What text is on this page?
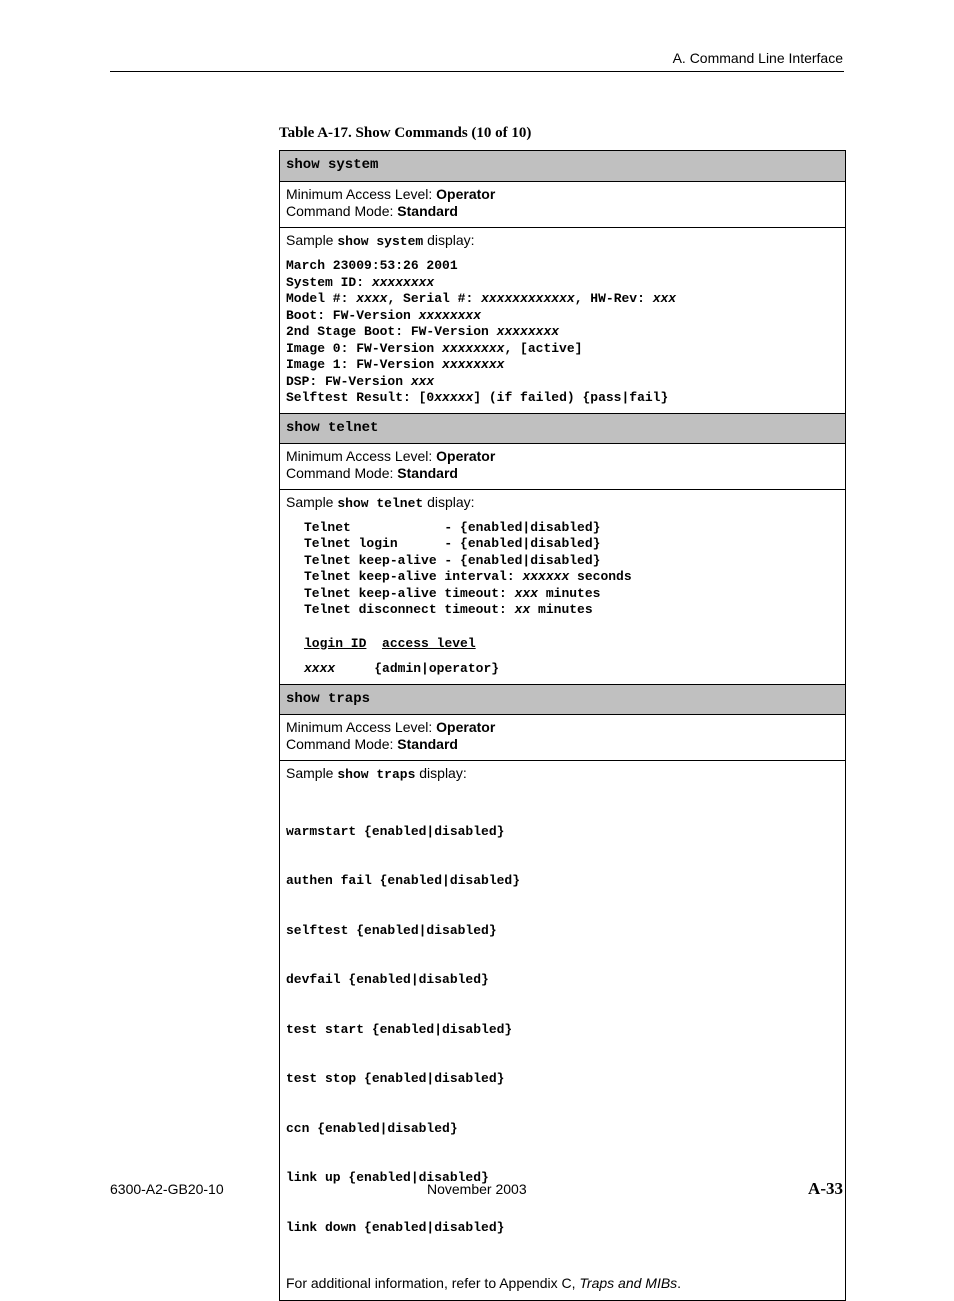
A. Command Line Interface
Table A-17. Show Commands (10 of 10)
show system
Minimum Access Level: Operator
Command Mode: Standard
Sample show system display:
March 23009:53:26 2001
System ID: xxxxxxxx
Model #: xxxx, Serial #: xxxxxxxxxxxx, HW-Rev: xxx
Boot: FW-Version xxxxxxxx
2nd Stage Boot: FW-Version xxxxxxxx
Image 0: FW-Version xxxxxxxx, [active]
Image 1: FW-Version xxxxxxxx
DSP: FW-Version xxx
Selftest Result: [0xxxxx] (if failed) {pass|fail}
show telnet
Minimum Access Level: Operator
Command Mode: Standard
Sample show telnet display:
Telnet            - {enabled|disabled}
Telnet login      - {enabled|disabled}
Telnet keep-alive - {enabled|disabled}
Telnet keep-alive interval: xxxxxx seconds
Telnet keep-alive timeout: xxx minutes
Telnet disconnect timeout: xx minutes
login ID access level
xxxx	{admin|operator}
show traps
Minimum Access Level: Operator
Command Mode: Standard
Sample show traps display:

warmstart {enabled|disabled}

authen fail {enabled|disabled}

selftest {enabled|disabled}

devfail {enabled|disabled}

test start {enabled|disabled}

test stop {enabled|disabled}

ccn {enabled|disabled}

link up {enabled|disabled}

link down {enabled|disabled}

For additional information, refer to Appendix C, Traps and MIBs.
6300-A2-GB20-10	November 2003	A-33
